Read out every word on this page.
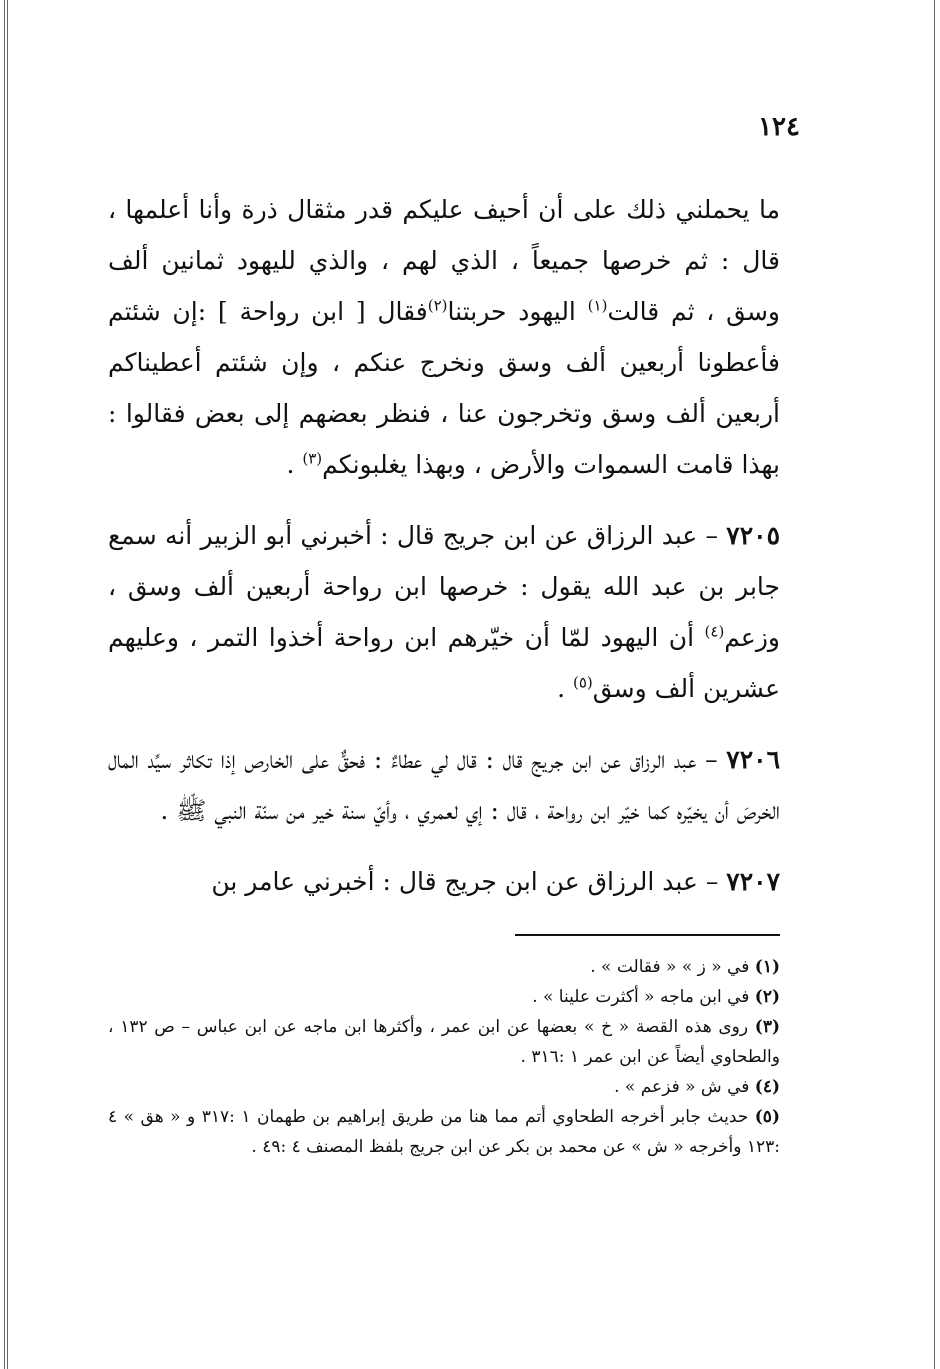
١٢٤

ما يحملني ذلك على أن أحيف عليكم قدر مثقال ذرة وأنا أعلمها ، قال : ثم خرصها جميعاً ، الذي لهم ، والذي لليهود ثمانين ألف وسق ، ثم قالت$^{(١)}$ اليهود حربتنا$^{(٢)}$فقال [ ابن رواحة ] :إن شئتم فأعطونا أربعين ألف وسق ونخرج عنكم ، وإن شئتم أعطيناكم أربعين ألف وسق وتخرجون عنا ، فنظر بعضهم إلى بعض فقالوا : بهذا قامت السموات والأرض ، وبهذا يغلبونكم$^{(٣)}$ .

٧٢٠٥ – عبد الرزاق عن ابن جريج قال : أخبرني أبو الزبير أنه سمع جابر بن عبد الله يقول : خرصها ابن رواحة أربعين ألف وسق ، وزعم$^{(٤)}$ أن اليهود لمّا أن خيّرهم ابن رواحة أخذوا التمر ، وعليهم عشرين ألف وسق$^{(٥)}$ .

٧٢٠٦ – عبد الرزاق عن ابن جريج قال : قال لي عطاءٌ : فحقٌّ على الخارص إذا تكاثر سيِّد المال الخرصَ أن يخيّره كما خيّر ابن رواحة ، قال : إي لعمري ، وأيّ سنة خير من سنّة النبي ﷺ .

٧٢٠٧ – عبد الرزاق عن ابن جريج قال : أخبرني عامر بن

(١) في « ز » « فقالت » .

(٢) في ابن ماجه « أكثرت علينا » .

(٣) روى هذه القصة « خ » بعضها عن ابن عمر ، وأكثرها ابن ماجه عن ابن عباس – ص ١٣٢ ، والطحاوي أيضاً عن ابن عمر ١ :٣١٦ .

(٤) في ش « فزعم » .

(٥) حديث جابر أخرجه الطحاوي أتم مما هنا من طريق إبراهيم بن طهمان ١ :٣١٧ و « هق » ٤ :١٢٣ وأخرجه « ش » عن محمد بن بكر عن ابن جريج بلفظ المصنف ٤ :٤٩ .
